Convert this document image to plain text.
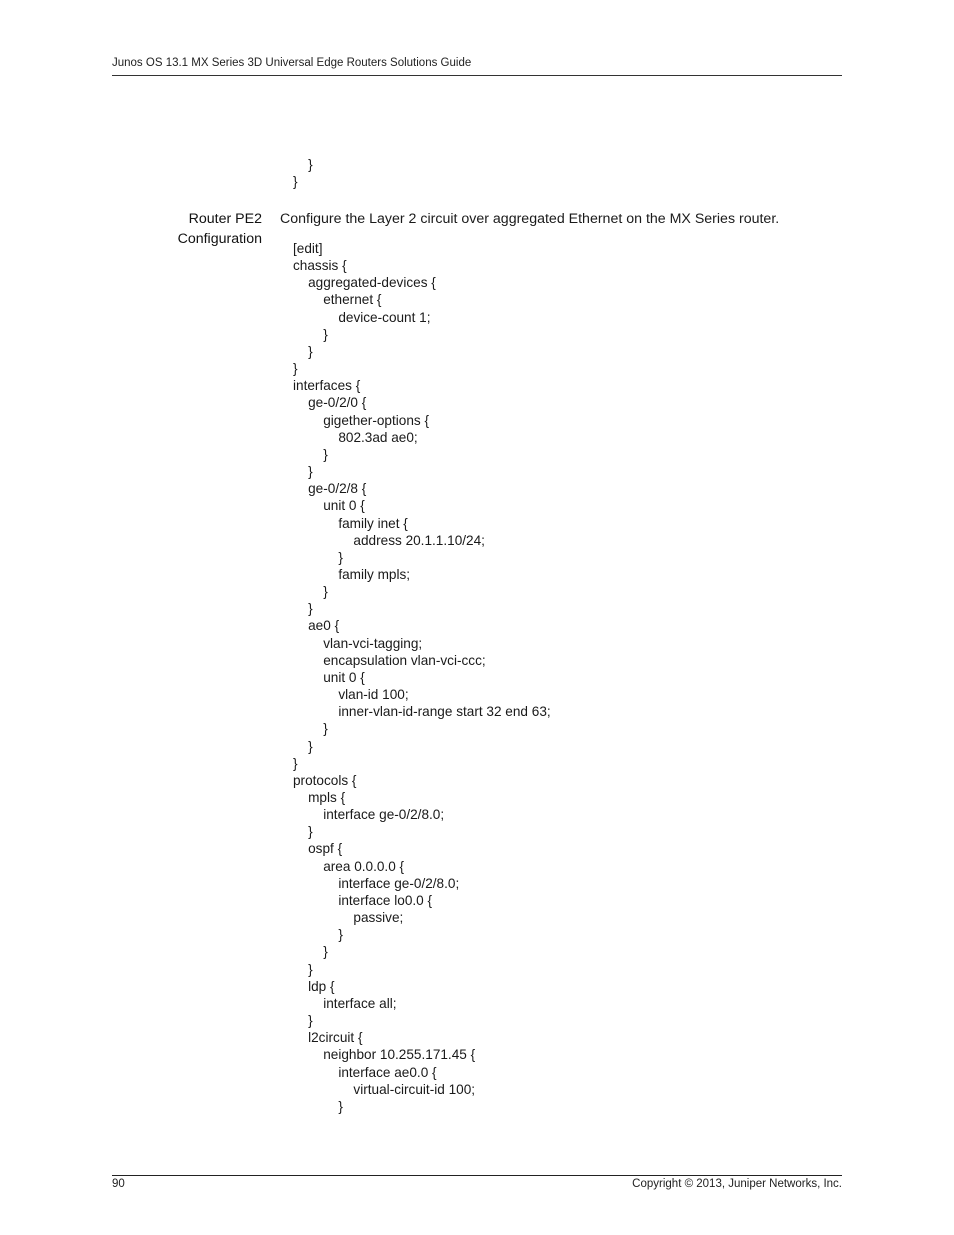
Junos OS 13.1 MX Series 3D Universal Edge Routers Solutions Guide
}
}
Router PE2
Configuration
Configure the Layer 2 circuit over aggregated Ethernet on the MX Series router.
[edit]
chassis {
aggregated-devices {
ethernet {
device-count 1;
}
}
}
interfaces {
ge-0/2/0 {
gigether-options {
802.3ad ae0;
}
}
ge-0/2/8 {
unit 0 {
family inet {
address 20.1.1.10/24;
}
family mpls;
}
}
ae0 {
vlan-vci-tagging;
encapsulation vlan-vci-ccc;
unit 0 {
vlan-id 100;
inner-vlan-id-range start 32 end 63;
}
}
}
protocols {
mpls {
interface ge-0/2/8.0;
}
ospf {
area 0.0.0.0 {
interface ge-0/2/8.0;
interface lo0.0 {
passive;
}
}
}
ldp {
interface all;
}
l2circuit {
neighbor 10.255.171.45 {
interface ae0.0 {
virtual-circuit-id 100;
}
90	Copyright © 2013, Juniper Networks, Inc.
